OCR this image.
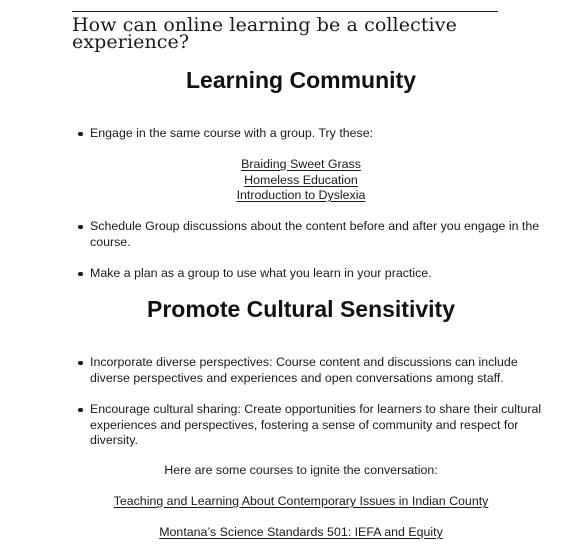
How can online learning be a collective experience?
Learning Community
Engage in the same course with a group. Try these:
Braiding Sweet Grass
Homeless Education
Introduction to Dyslexia
Schedule Group discussions about the content before and after you engage in the course.
Make a plan as a group to use what you learn in your practice.
Promote Cultural Sensitivity
Incorporate diverse perspectives: Course content and discussions can include diverse perspectives and experiences and open conversations among staff.
Encourage cultural sharing: Create opportunities for learners to share their cultural experiences and perspectives, fostering a sense of community and respect for diversity.
Here are some courses to ignite the conversation:
Teaching and Learning About Contemporary Issues in Indian County
Montana’s Science Standards 501: IEFA and Equity
